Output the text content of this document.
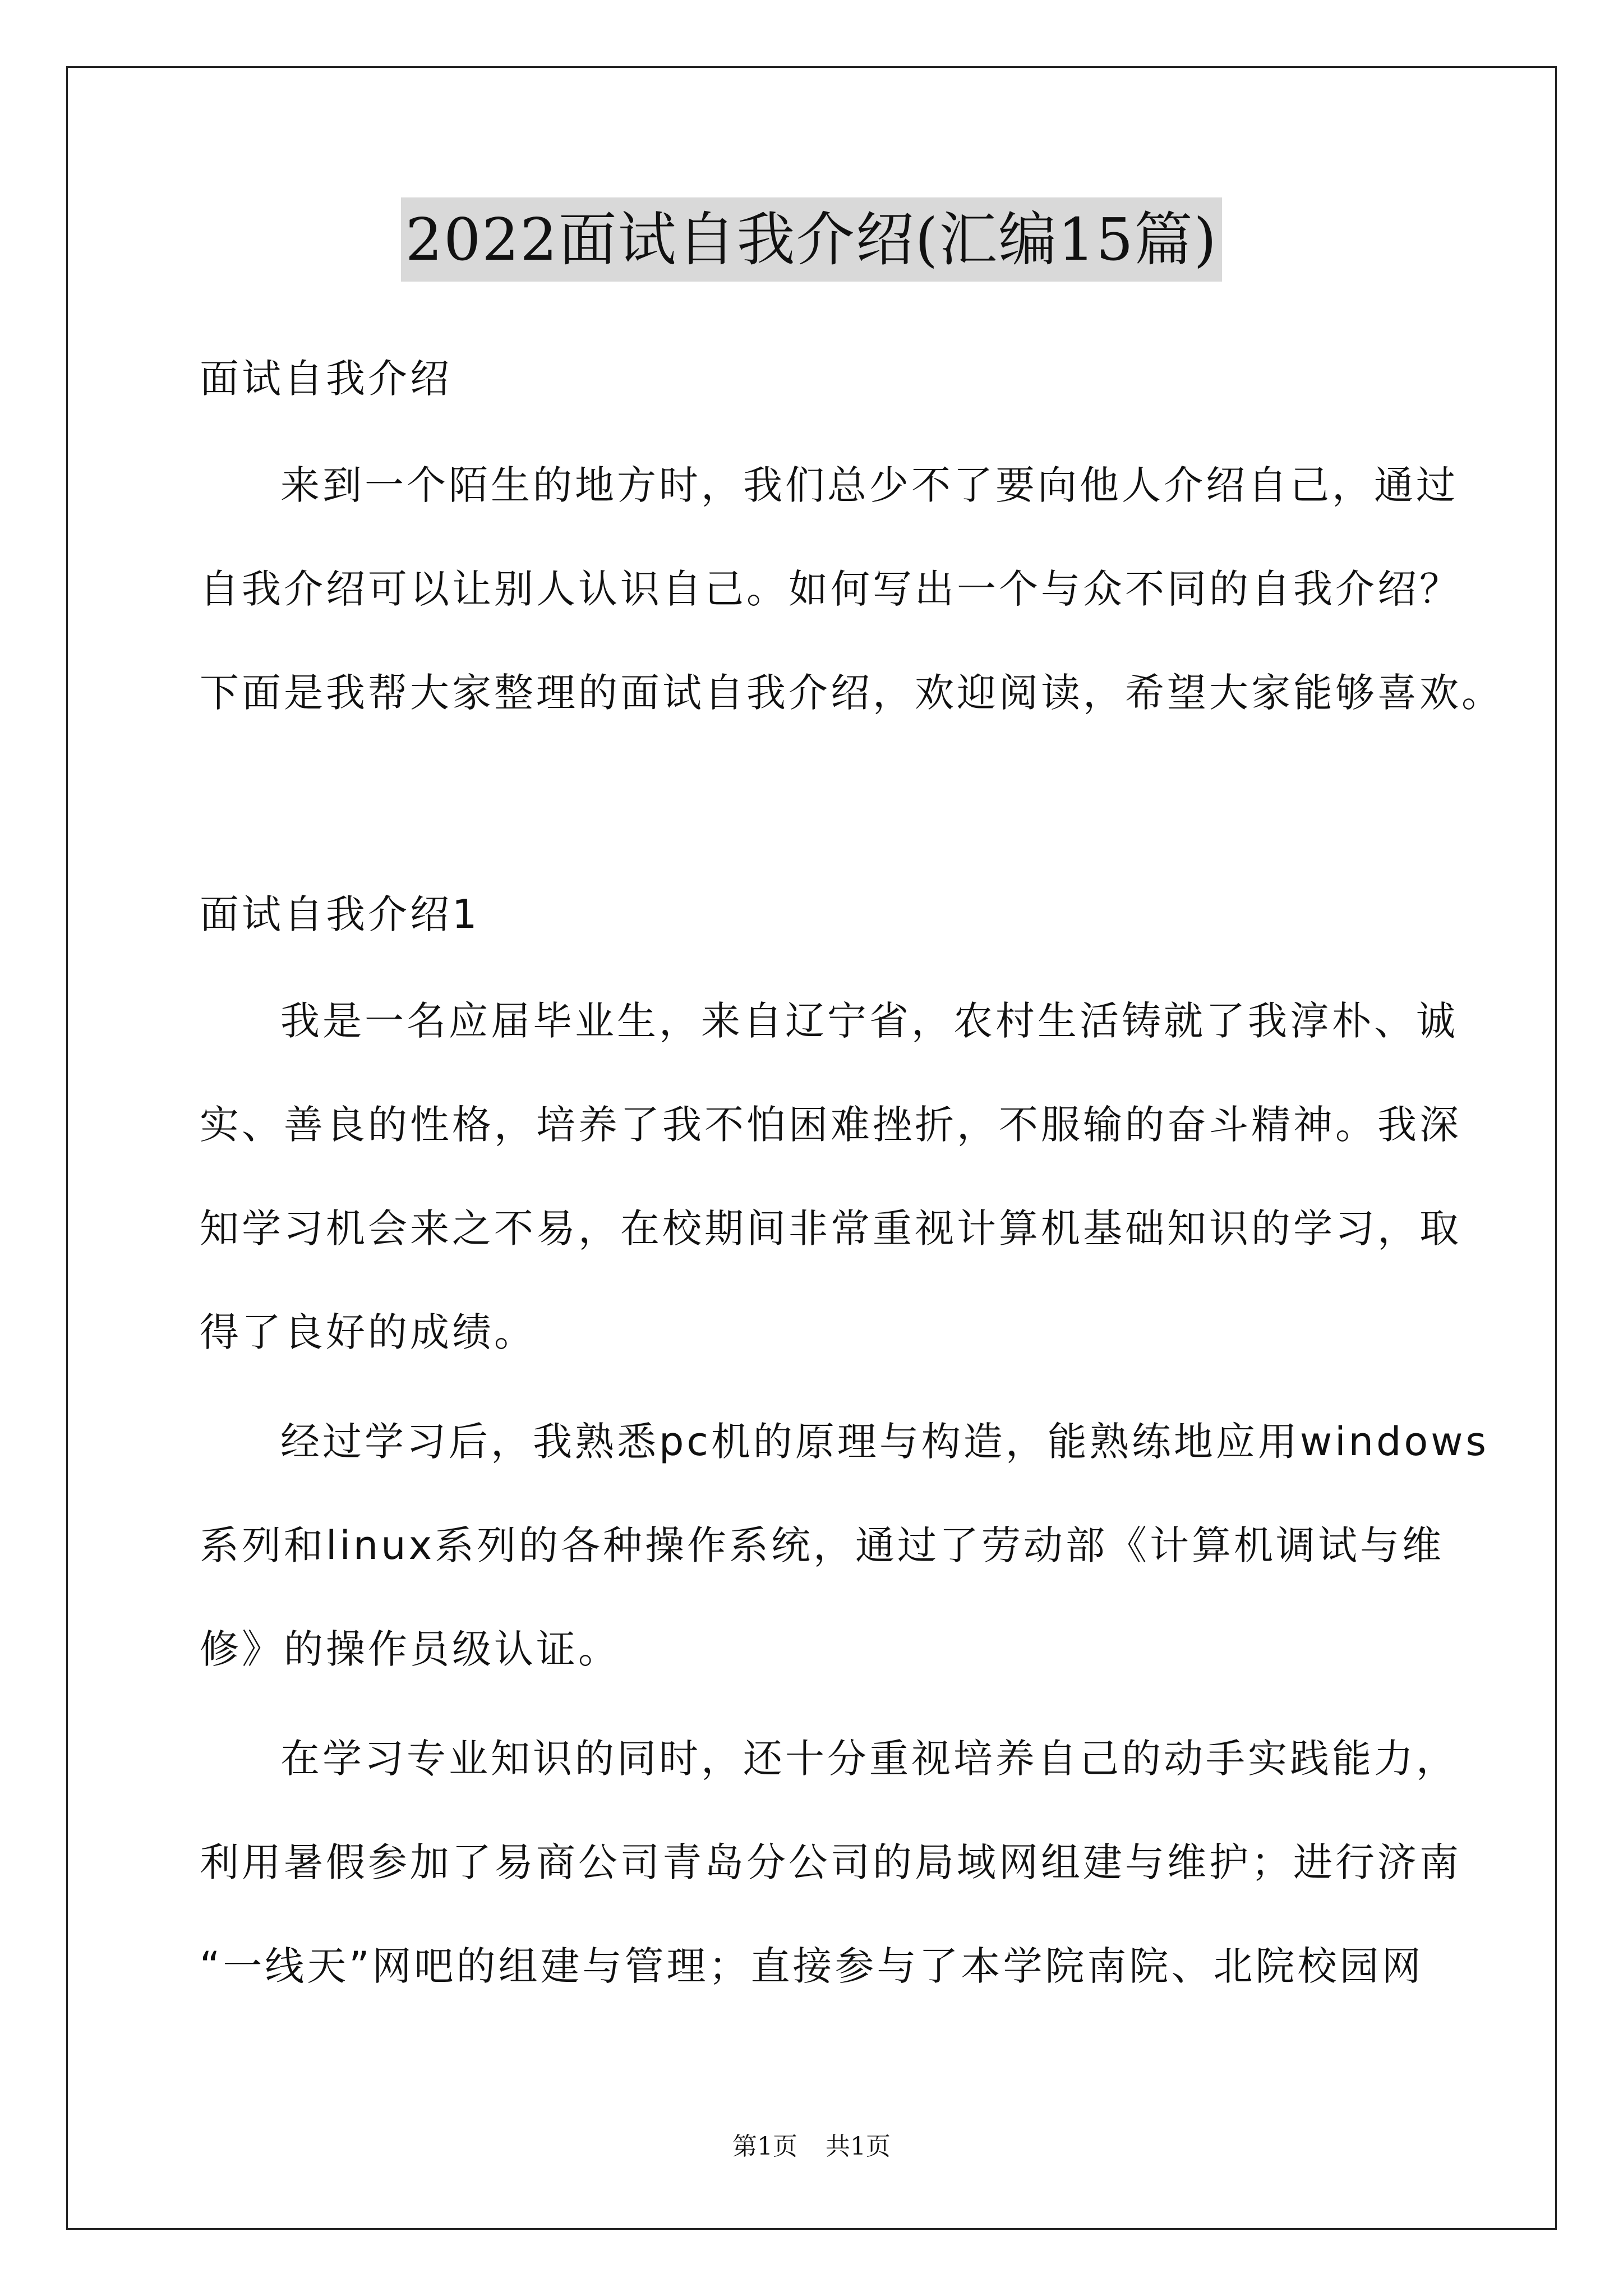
2022面试自我介绍(汇编15篇)
面试自我介绍
来到一个陌生的地方时，我们总少不了要向他人介绍自己，通过
自我介绍可以让别人认识自己。如何写出一个与众不同的自我介绍？
下面是我帮大家整理的面试自我介绍，欢迎阅读，希望大家能够喜欢。
面试自我介绍1
我是一名应届毕业生，来自辽宁省，农村生活铸就了我淳朴、诚
实、善良的性格，培养了我不怕困难挫折，不服输的奋斗精神。我深
知学习机会来之不易，在校期间非常重视计算机基础知识的学习，取
得了良好的成绩。
经过学习后，我熟悉pc机的原理与构造，能熟练地应用windows
系列和linux系列的各种操作系统，通过了劳动部《计算机调试与维
修》的操作员级认证。
在学习专业知识的同时，还十分重视培养自己的动手实践能力，
利用暑假参加了易商公司青岛分公司的局域网组建与维护；进行济南
“一线天”网吧的组建与管理；直接参与了本学院南院、北院校园网
第1页 共1页
